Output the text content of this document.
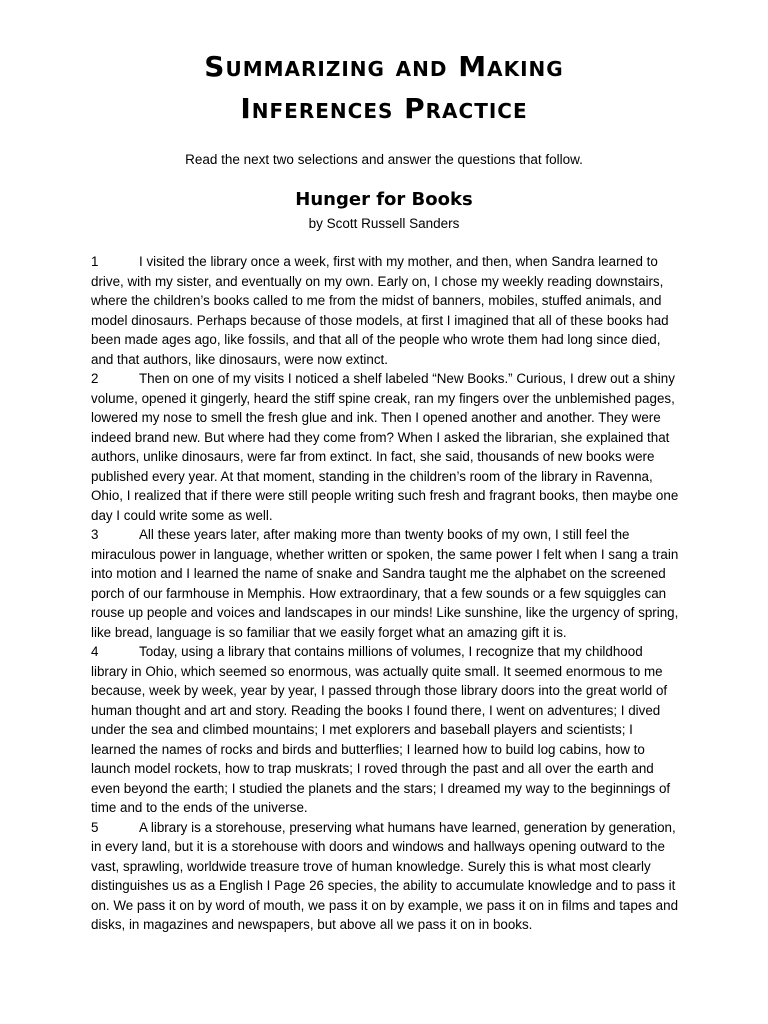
Summarizing and Making
Inferences Practice

Read the next two selections and answer the questions that follow.

Hunger for Books

by Scott Russell Sanders

1	I visited the library once a week, first with my mother, and then, when Sandra learned to drive, with my sister, and eventually on my own. Early on, I chose my weekly reading downstairs, where the children’s books called to me from the midst of banners, mobiles, stuffed animals, and model dinosaurs. Perhaps because of those models, at first I imagined that all of these books had been made ages ago, like fossils, and that all of the people who wrote them had long since died, and that authors, like dinosaurs, were now extinct.

2	Then on one of my visits I noticed a shelf labeled “New Books.” Curious, I drew out a shiny volume, opened it gingerly, heard the stiff spine creak, ran my fingers over the unblemished pages, lowered my nose to smell the fresh glue and ink. Then I opened another and another. They were indeed brand new. But where had they come from? When I asked the librarian, she explained that authors, unlike dinosaurs, were far from extinct. In fact, she said, thousands of new books were published every year. At that moment, standing in the children’s room of the library in Ravenna, Ohio, I realized that if there were still people writing such fresh and fragrant books, then maybe one day I could write some as well.

3	All these years later, after making more than twenty books of my own, I still feel the miraculous power in language, whether written or spoken, the same power I felt when I sang a train into motion and I learned the name of snake and Sandra taught me the alphabet on the screened porch of our farmhouse in Memphis. How extraordinary, that a few sounds or a few squiggles can rouse up people and voices and landscapes in our minds! Like sunshine, like the urgency of spring, like bread, language is so familiar that we easily forget what an amazing gift it is.

4	Today, using a library that contains millions of volumes, I recognize that my childhood library in Ohio, which seemed so enormous, was actually quite small. It seemed enormous to me because, week by week, year by year, I passed through those library doors into the great world of human thought and art and story. Reading the books I found there, I went on adventures; I dived under the sea and climbed mountains; I met explorers and baseball players and scientists; I learned the names of rocks and birds and butterflies; I learned how to build log cabins, how to launch model rockets, how to trap muskrats; I roved through the past and all over the earth and even beyond the earth; I studied the planets and the stars; I dreamed my way to the beginnings of time and to the ends of the universe.

5	A library is a storehouse, preserving what humans have learned, generation by generation, in every land, but it is a storehouse with doors and windows and hallways opening outward to the vast, sprawling, worldwide treasure trove of human knowledge. Surely this is what most clearly distinguishes us as a English I Page 26 species, the ability to accumulate knowledge and to pass it on. We pass it on by word of mouth, we pass it on by example, we pass it on in films and tapes and disks, in magazines and newspapers, but above all we pass it on in books.
